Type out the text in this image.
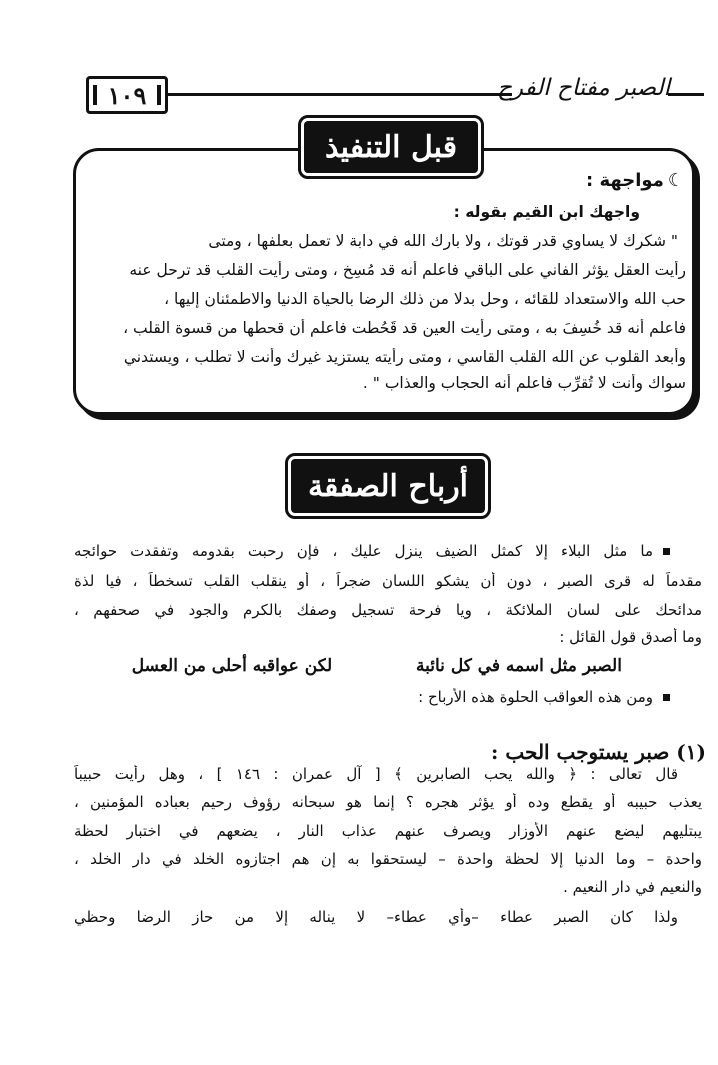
١٠٩	الصبر مفتاح الفرج
قبل التنفيذ
☾مواجهة :
واجهك ابن القيم بقوله :
" شكرك لا يساوي قدر قوتك ، ولا بارك الله في دابة لا تعمل بعلفها ، ومتى
رأيت العقل يؤثر الفاني على الباقي فاعلم أنه قد مُسِخ ، ومتى رأيت القلب قد ترحل عنه
حب الله والاستعداد للقائه ، وحل بدلا من ذلك الرضا بالحياة الدنيا والاطمئنان إليها ،
فاعلم أنه قد خُسِفَ به ، ومتى رأيت العين قد قَحُطت فاعلم أن قحطها من قسوة القلب ،
وأبعد القلوب عن الله القلب القاسي ، ومتى رأيته يستزيد غيرك وأنت لا تطلب ، ويستدني
سواك وأنت لا تُقرِّب فاعلم أنه الحجاب والعذاب " .
أرباح الصفقة
ما مثل البلاء إلا كمثل الضيف ينزل عليك ، فإن رحبت بقدومه وتفقدت حوائجه
مقدماً له قرى الصبر ، دون أن يشكو اللسان ضجراً ، أو ينقلب القلب تسخطاً ، فيا لذة
مدائحك على لسان الملائكة ، ويا فرحة تسجيل وصفك بالكرم والجود في صحفهم ،
وما أصدق قول القائل :
الصبر مثل اسمه في كل نائبة
لكن عواقبه أحلى من العسل
ومن هذه العواقب الحلوة هذه الأرباح :
(١) صبر يستوجب الحب :
قال تعالى : ﴿ والله يحب الصابرين ﴾ [ آل عمران : ١٤٦ ] ، وهل رأيت حبيباً
يعذب حبيبه أو يقطع وده أو يؤثر هجره ؟ إنما هو سبحانه رؤوف رحيم بعباده المؤمنين ،
يبتليهم ليضع عنهم الأوزار ويصرف عنهم عذاب النار ، يضعهم في اختبار لحظة
واحدة – وما الدنيا إلا لحظة واحدة – ليستحقوا به إن هم اجتازوه الخلد في دار الخلد ،
والنعيم في دار النعيم .
ولذا كان الصبر عطاء –وأي عطاء– لا يناله إلا من حاز الرضا وحظي
